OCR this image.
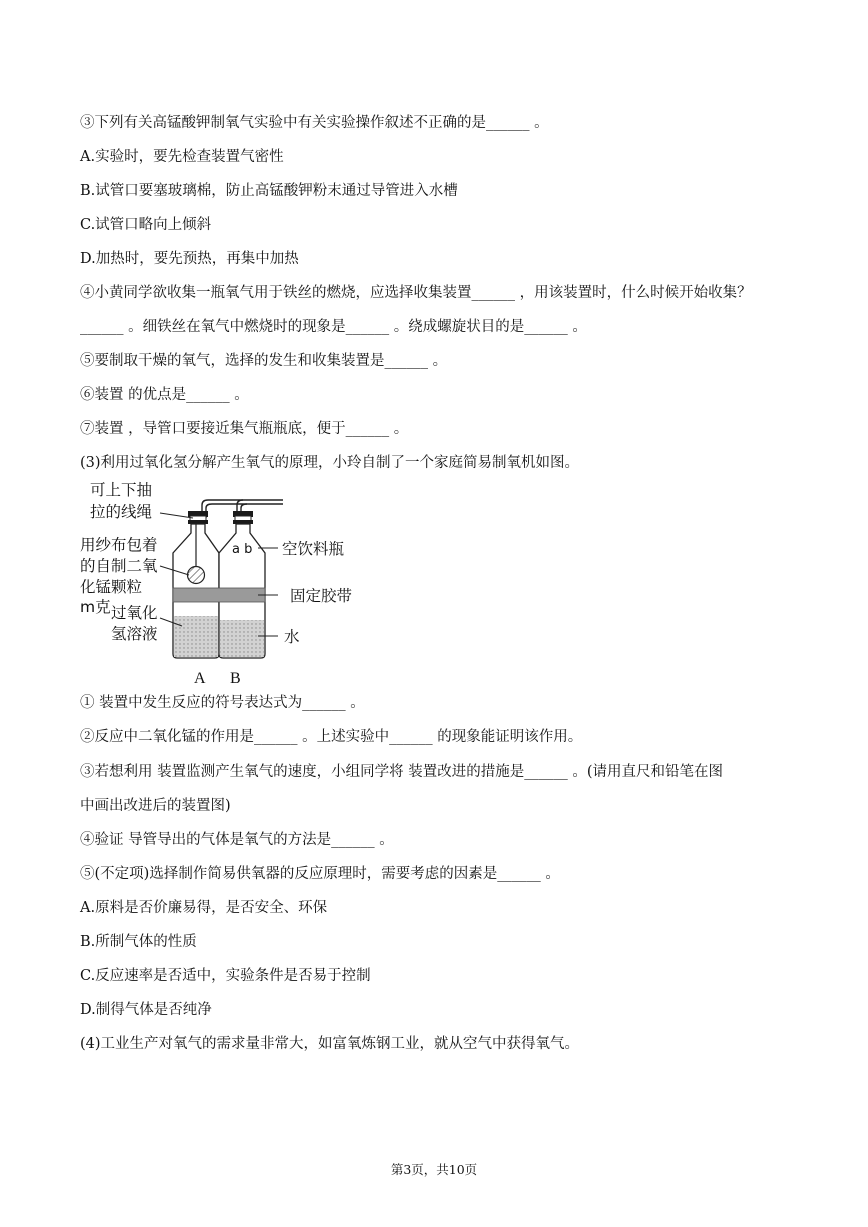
③下列有关高锰酸钾制氧气实验中有关实验操作叙述不正确的是______ 。
A.实验时，要先检查装置气密性
B.试管口要塞玻璃棉，防止高锰酸钾粉末通过导管进入水槽
C.试管口略向上倾斜
D.加热时，要先预热，再集中加热
④小黄同学欲收集一瓶氧气用于铁丝的燃烧，应选择收集装置______ ，用该装置时，什么时候开始收集？
______ 。细铁丝在氧气中燃烧时的现象是______ 。绕成螺旋状目的是______ 。
⑤要制取干燥的氧气，选择的发生和收集装置是______ 。
⑥装置 的优点是______ 。
⑦装置 ，导管口要接近集气瓶瓶底，便于______ 。
(3)利用过氧化氢分解产生氧气的原理，小玲自制了一个家庭简易制氧机如图。
可上下抽
拉的线绳
用纱布包着
的自制二氧
化锰颗粒
m克 过氧化
氢溶液
a b 空饮料瓶
固定胶带
水
A B
① 装置中发生反应的符号表达式为______ 。
②反应中二氧化锰的作用是______ 。上述实验中______ 的现象能证明该作用。
③若想利用 装置监测产生氧气的速度，小组同学将 装置改进的措施是______ 。(请用直尺和铅笔在图
中画出改进后的装置图)
④验证 导管导出的气体是氧气的方法是______ 。
⑤(不定项)选择制作简易供氧器的反应原理时，需要考虑的因素是______ 。
A.原料是否价廉易得，是否安全、环保
B.所制气体的性质
C.反应速率是否适中，实验条件是否易于控制
D.制得气体是否纯净
(4)工业生产对氧气的需求量非常大，如富氧炼钢工业，就从空气中获得氧气。
第3页，共10页
